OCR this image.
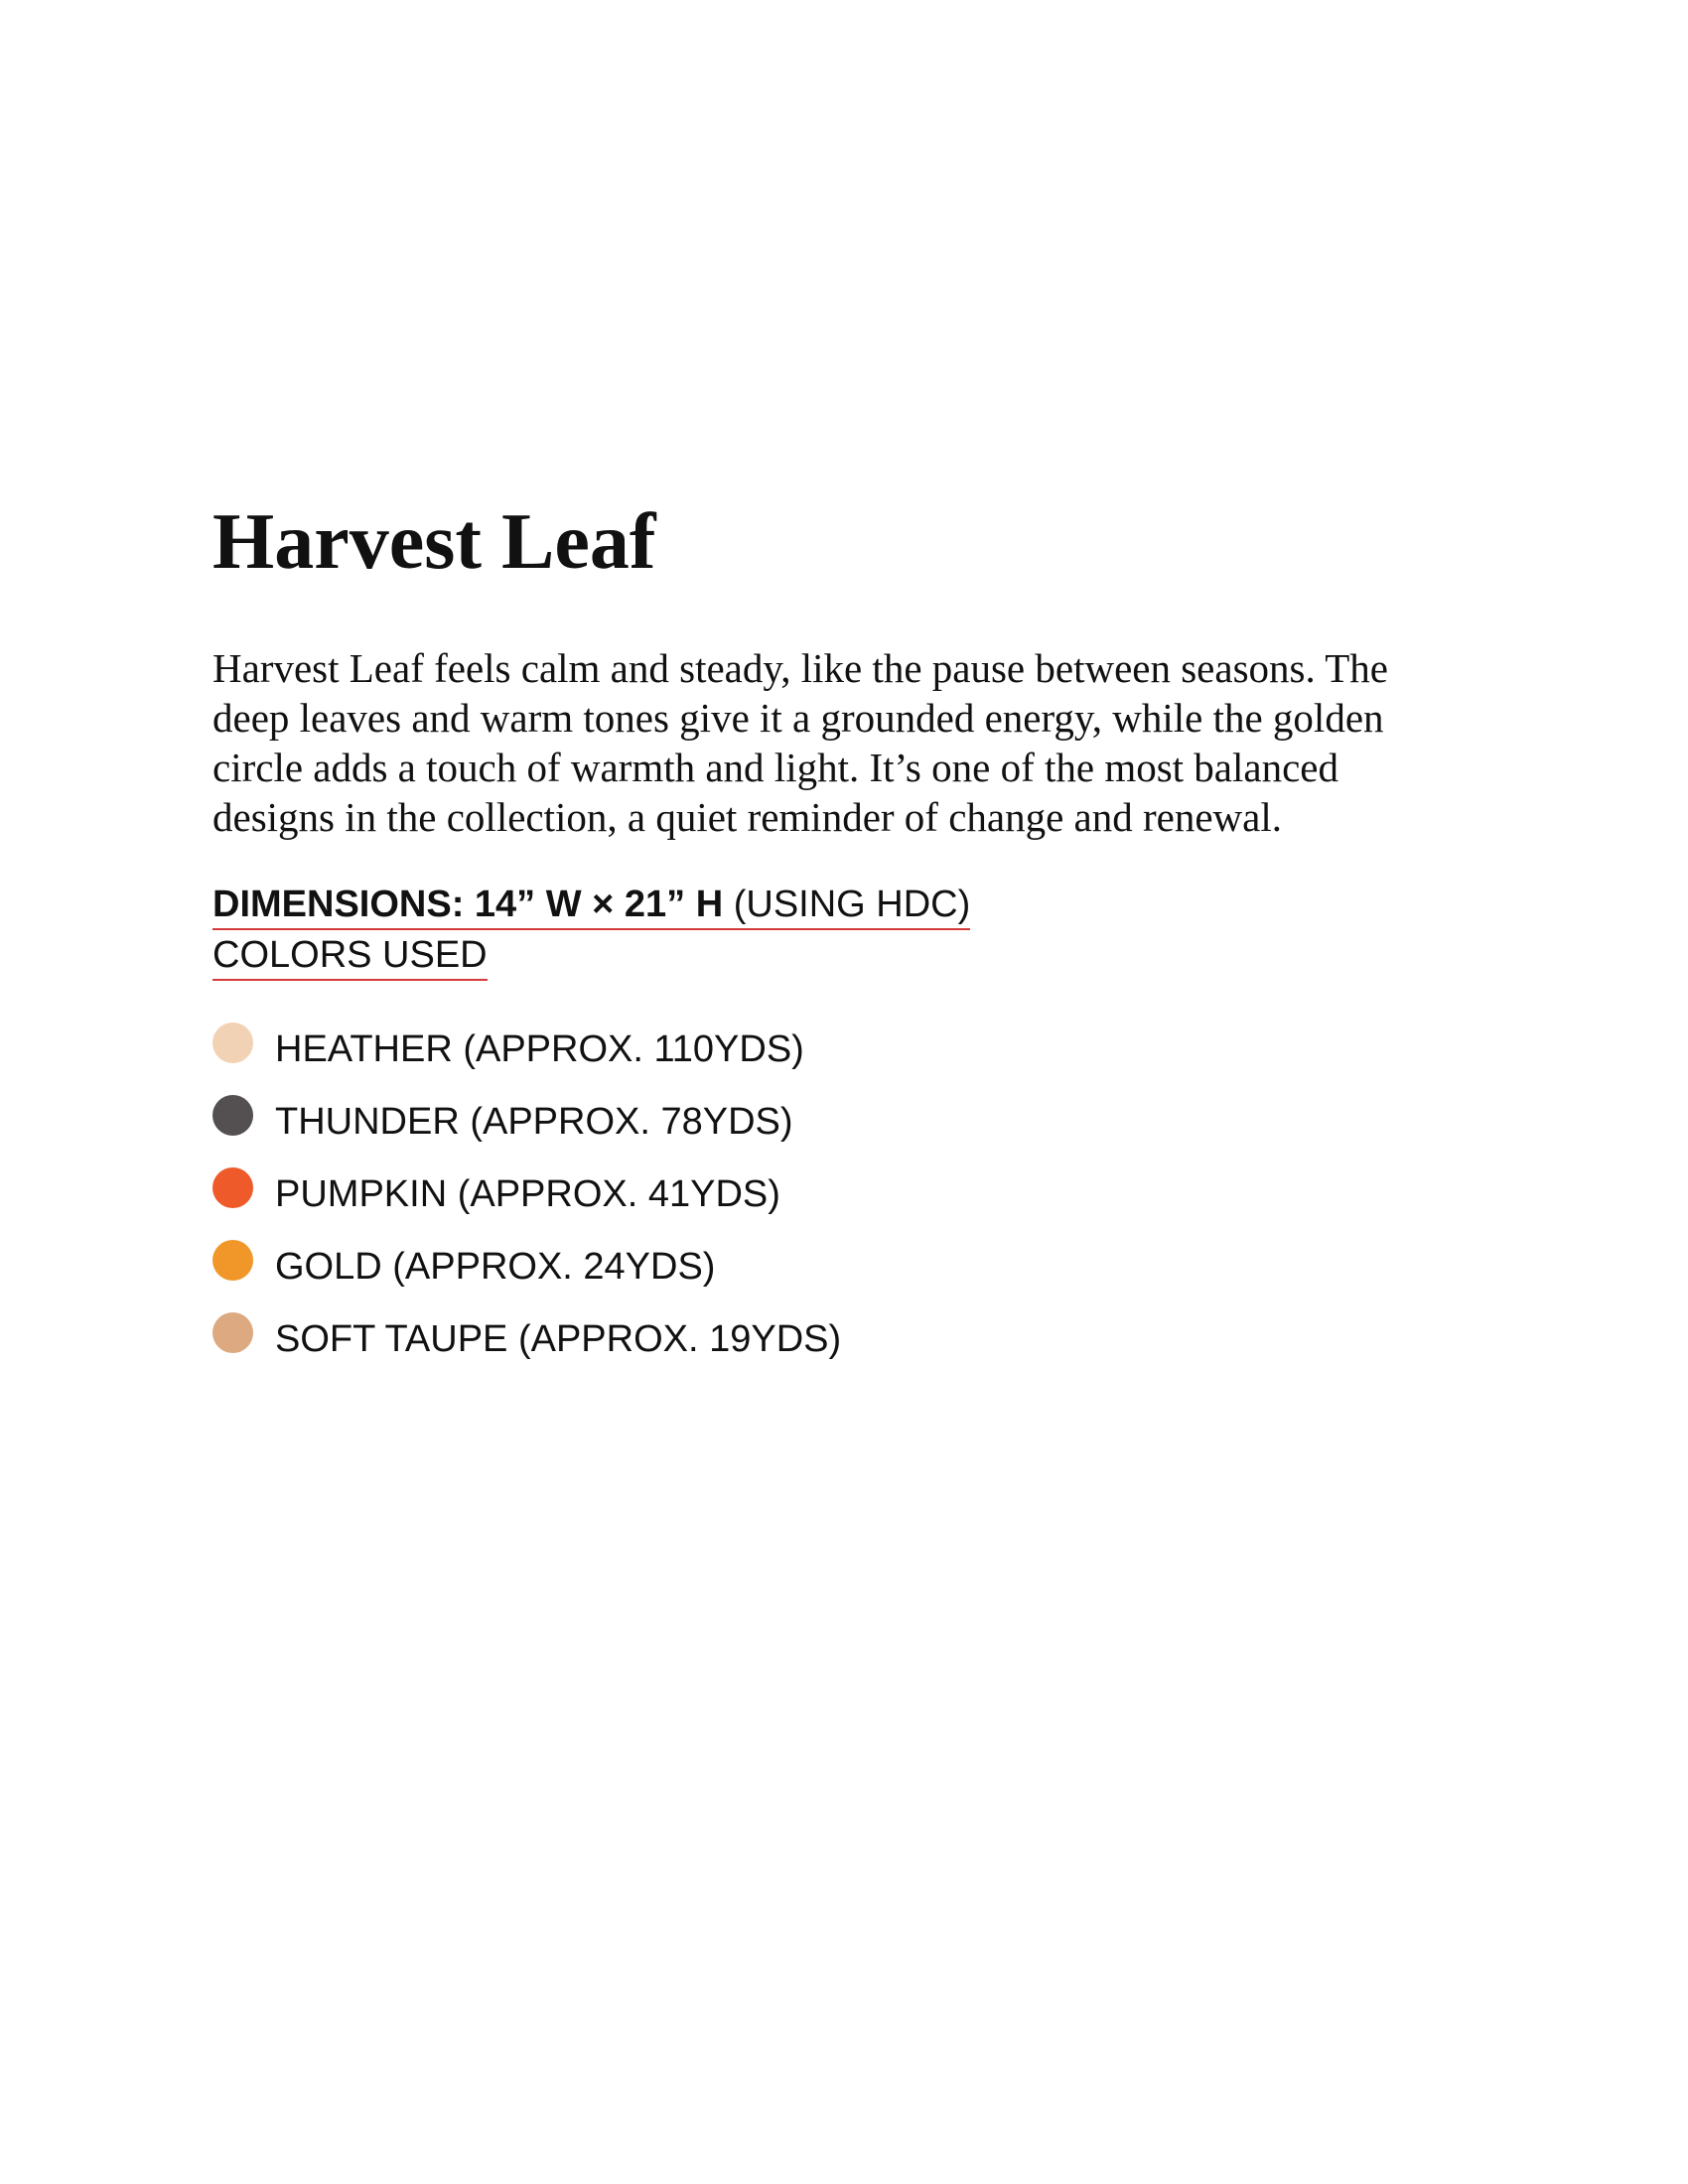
Harvest Leaf
Harvest Leaf feels calm and steady, like the pause between seasons. The
deep leaves and warm tones give it a grounded energy, while the golden
circle adds a touch of warmth and light. It’s one of the most balanced
designs in the collection, a quiet reminder of change and renewal.
DIMENSIONS: 14” W × 21” H (USING HDC)
COLORS USED
HEATHER (APPROX. 110YDS)
THUNDER (APPROX. 78YDS)
PUMPKIN (APPROX. 41YDS)
GOLD (APPROX. 24YDS)
SOFT TAUPE (APPROX. 19YDS)
